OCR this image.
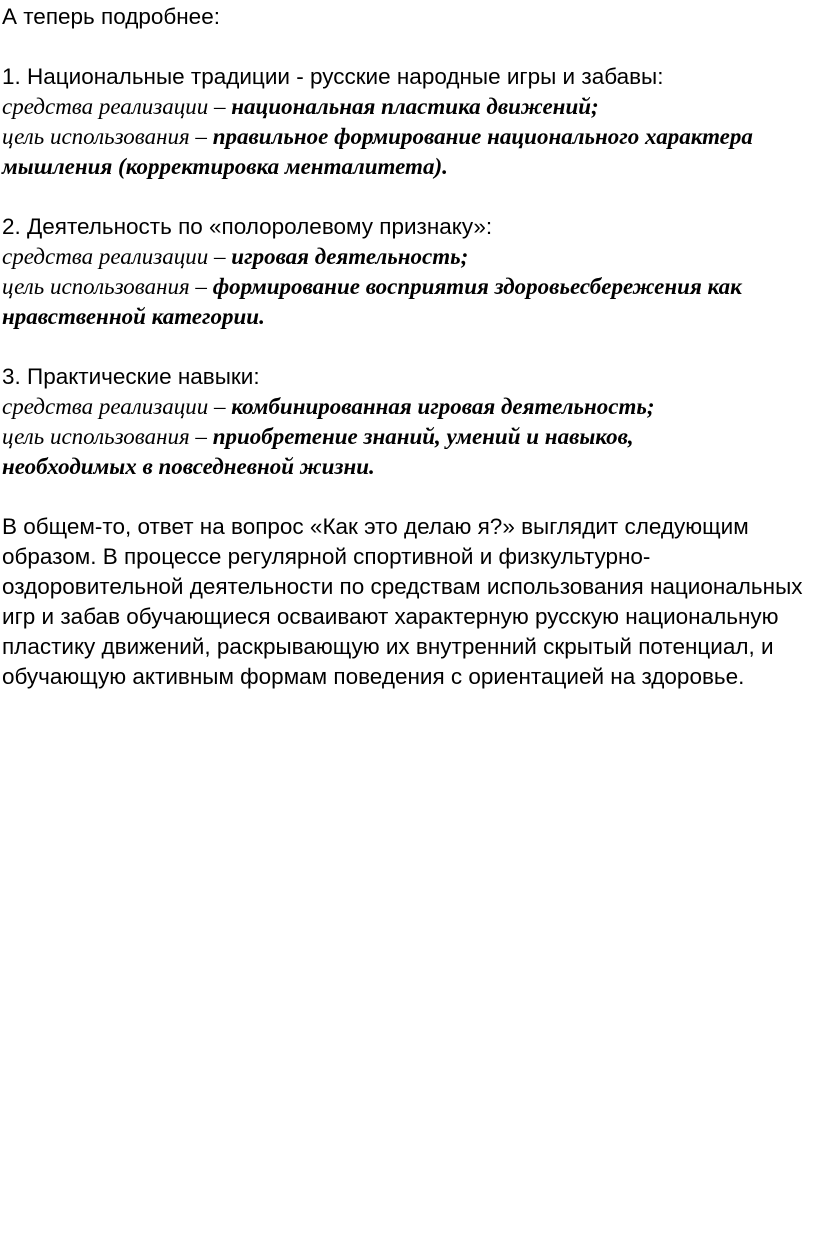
А теперь подробнее:

1. Национальные традиции - русские народные игры и забавы:

средства реализации – национальная пластика движений;

цель использования – правильное формирование национального характера

мышления (корректировка менталитета).

2. Деятельность по «полоролевому признаку»:

средства реализации – игровая деятельность;

цель использования – формирование восприятия здоровьесбережения как

нравственной категории.

3. Практические навыки:

средства реализации – комбинированная игровая деятельность;

цель использования – приобретение знаний, умений и навыков,

необходимых в повседневной жизни.

В общем-то, ответ на вопрос «Как это делаю я?» выглядит следующим

образом. В процессе регулярной спортивной и физкультурно-

оздоровительной деятельности по средствам использования национальных

игр и забав обучающиеся осваивают характерную русскую национальную

пластику движений, раскрывающую их внутренний скрытый потенциал, и

обучающую активным формам поведения с ориентацией на здоровье.
